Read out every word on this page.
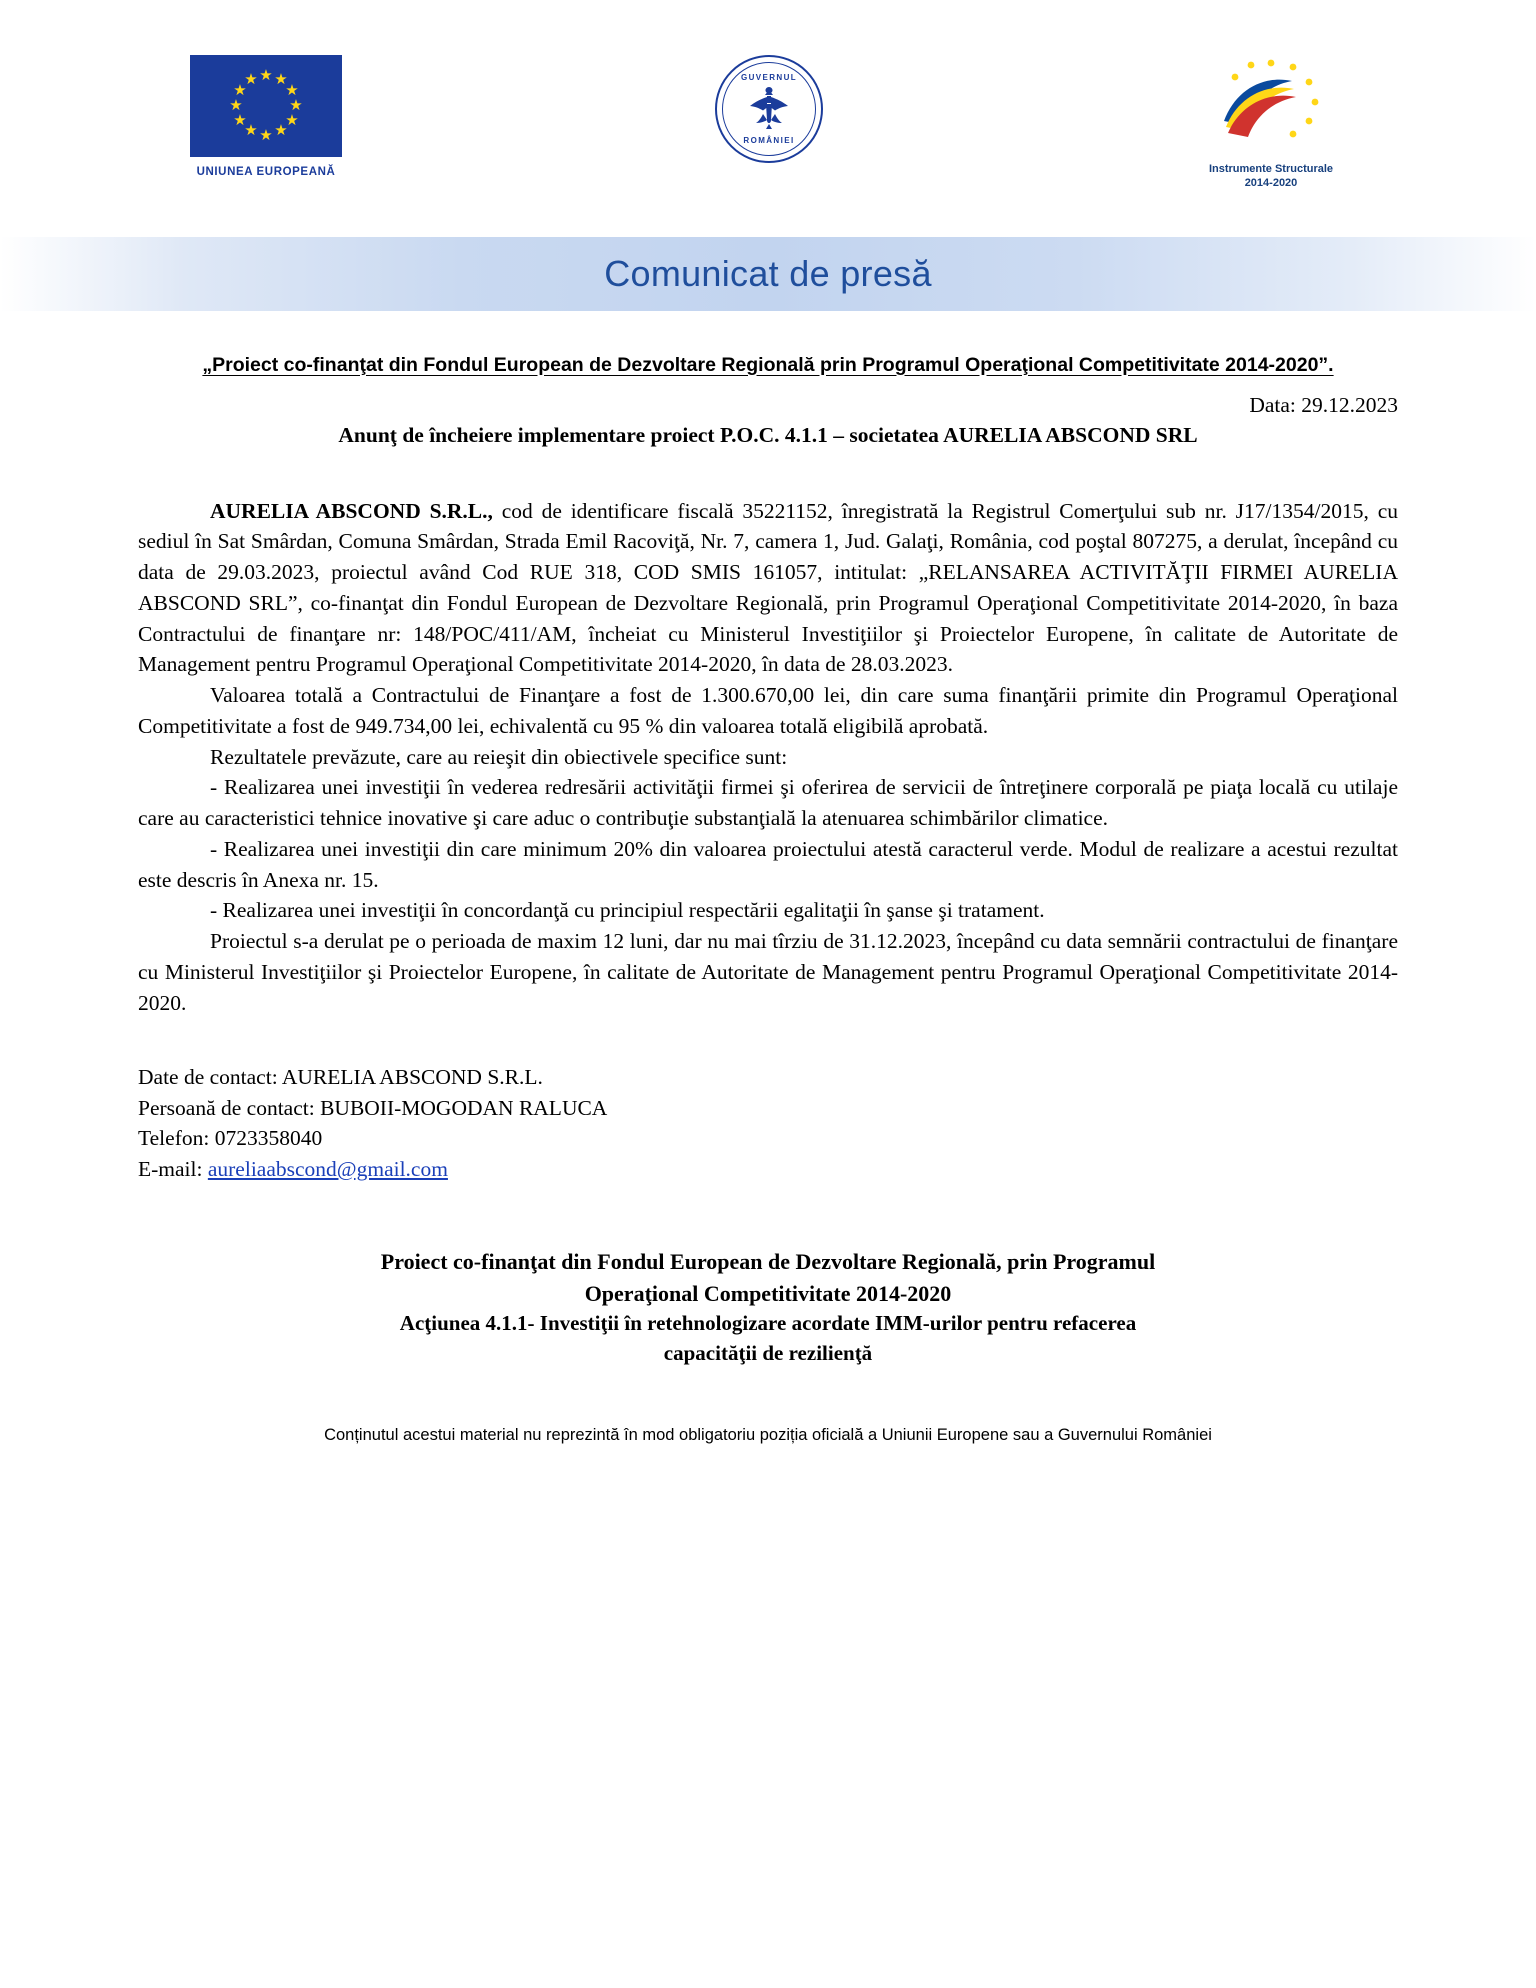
★ ★
★
★
★
★
★
★
★
★
★
★
UNIUNEA EUROPEANĂ
GUVERNUL
ROMÂNIEI
Instrumente Structurale
2014-2020
Comunicat de presă
„Proiect co-finanţat din Fondul European de Dezvoltare Regională prin Programul Operaţional Competitivitate 2014-2020”.
Data: 29.12.2023
Anunţ de încheiere implementare proiect P.O.C. 4.1.1 – societatea AURELIA ABSCOND SRL

AURELIA ABSCOND S.R.L., cod de identificare fiscală 35221152, înregistrată la Registrul Comerţului sub nr. J17/1354/2015, cu sediul în Sat Smârdan, Comuna Smârdan, Strada Emil Racoviţă, Nr. 7, camera 1, Jud. Galaţi, România, cod poştal 807275, a derulat, începând cu data de 29.03.2023, proiectul având Cod RUE 318, COD SMIS 161057, intitulat: „RELANSAREA ACTIVITĂŢII FIRMEI AURELIA ABSCOND SRL”, co-finanţat din Fondul European de Dezvoltare Regională, prin Programul Operaţional Competitivitate 2014-2020, în baza Contractului de finanţare nr: 148/POC/411/AM, încheiat cu Ministerul Investiţiilor şi Proiectelor Europene, în calitate de Autoritate de Management pentru Programul Operaţional Competitivitate 2014-2020, în data de 28.03.2023.

Valoarea totală a Contractului de Finanţare a fost de 1.300.670,00 lei, din care suma finanţării primite din Programul Operaţional Competitivitate a fost de 949.734,00 lei, echivalentă cu 95 % din valoarea totală eligibilă aprobată.

Rezultatele prevăzute, care au reieşit din obiectivele specifice sunt:

- Realizarea unei investiţii în vederea redresării activităţii firmei şi oferirea de servicii de întreţinere corporală pe piaţa locală cu utilaje care au caracteristici tehnice inovative şi care aduc o contribuţie substanţială la atenuarea schimbărilor climatice.

- Realizarea unei investiţii din care minimum 20% din valoarea proiectului atestă caracterul verde. Modul de realizare a acestui rezultat este descris în Anexa nr. 15.

- Realizarea unei investiţii în concordanţă cu principiul respectării egalitaţii în şanse şi tratament.

Proiectul s-a derulat pe o perioada de maxim 12 luni, dar nu mai tîrziu de 31.12.2023, începând cu data semnării contractului de finanţare cu Ministerul Investiţiilor şi Proiectelor Europene, în calitate de Autoritate de Management pentru Programul Operaţional Competitivitate 2014-2020.

Date de contact: AURELIA ABSCOND S.R.L.
Persoană de contact: BUBOII-MOGODAN RALUCA
Telefon: 0723358040
E-mail: aureliaabscond@gmail.com
Proiect co-finanţat din Fondul European de Dezvoltare Regională, prin Programul
Operaţional Competitivitate 2014-2020
Acţiunea 4.1.1- Investiţii în retehnologizare acordate IMM-urilor pentru refacerea
capacităţii de rezilienţă
Conținutul acestui material nu reprezintă în mod obligatoriu poziția oficială a Uniunii Europene sau a Guvernului României
